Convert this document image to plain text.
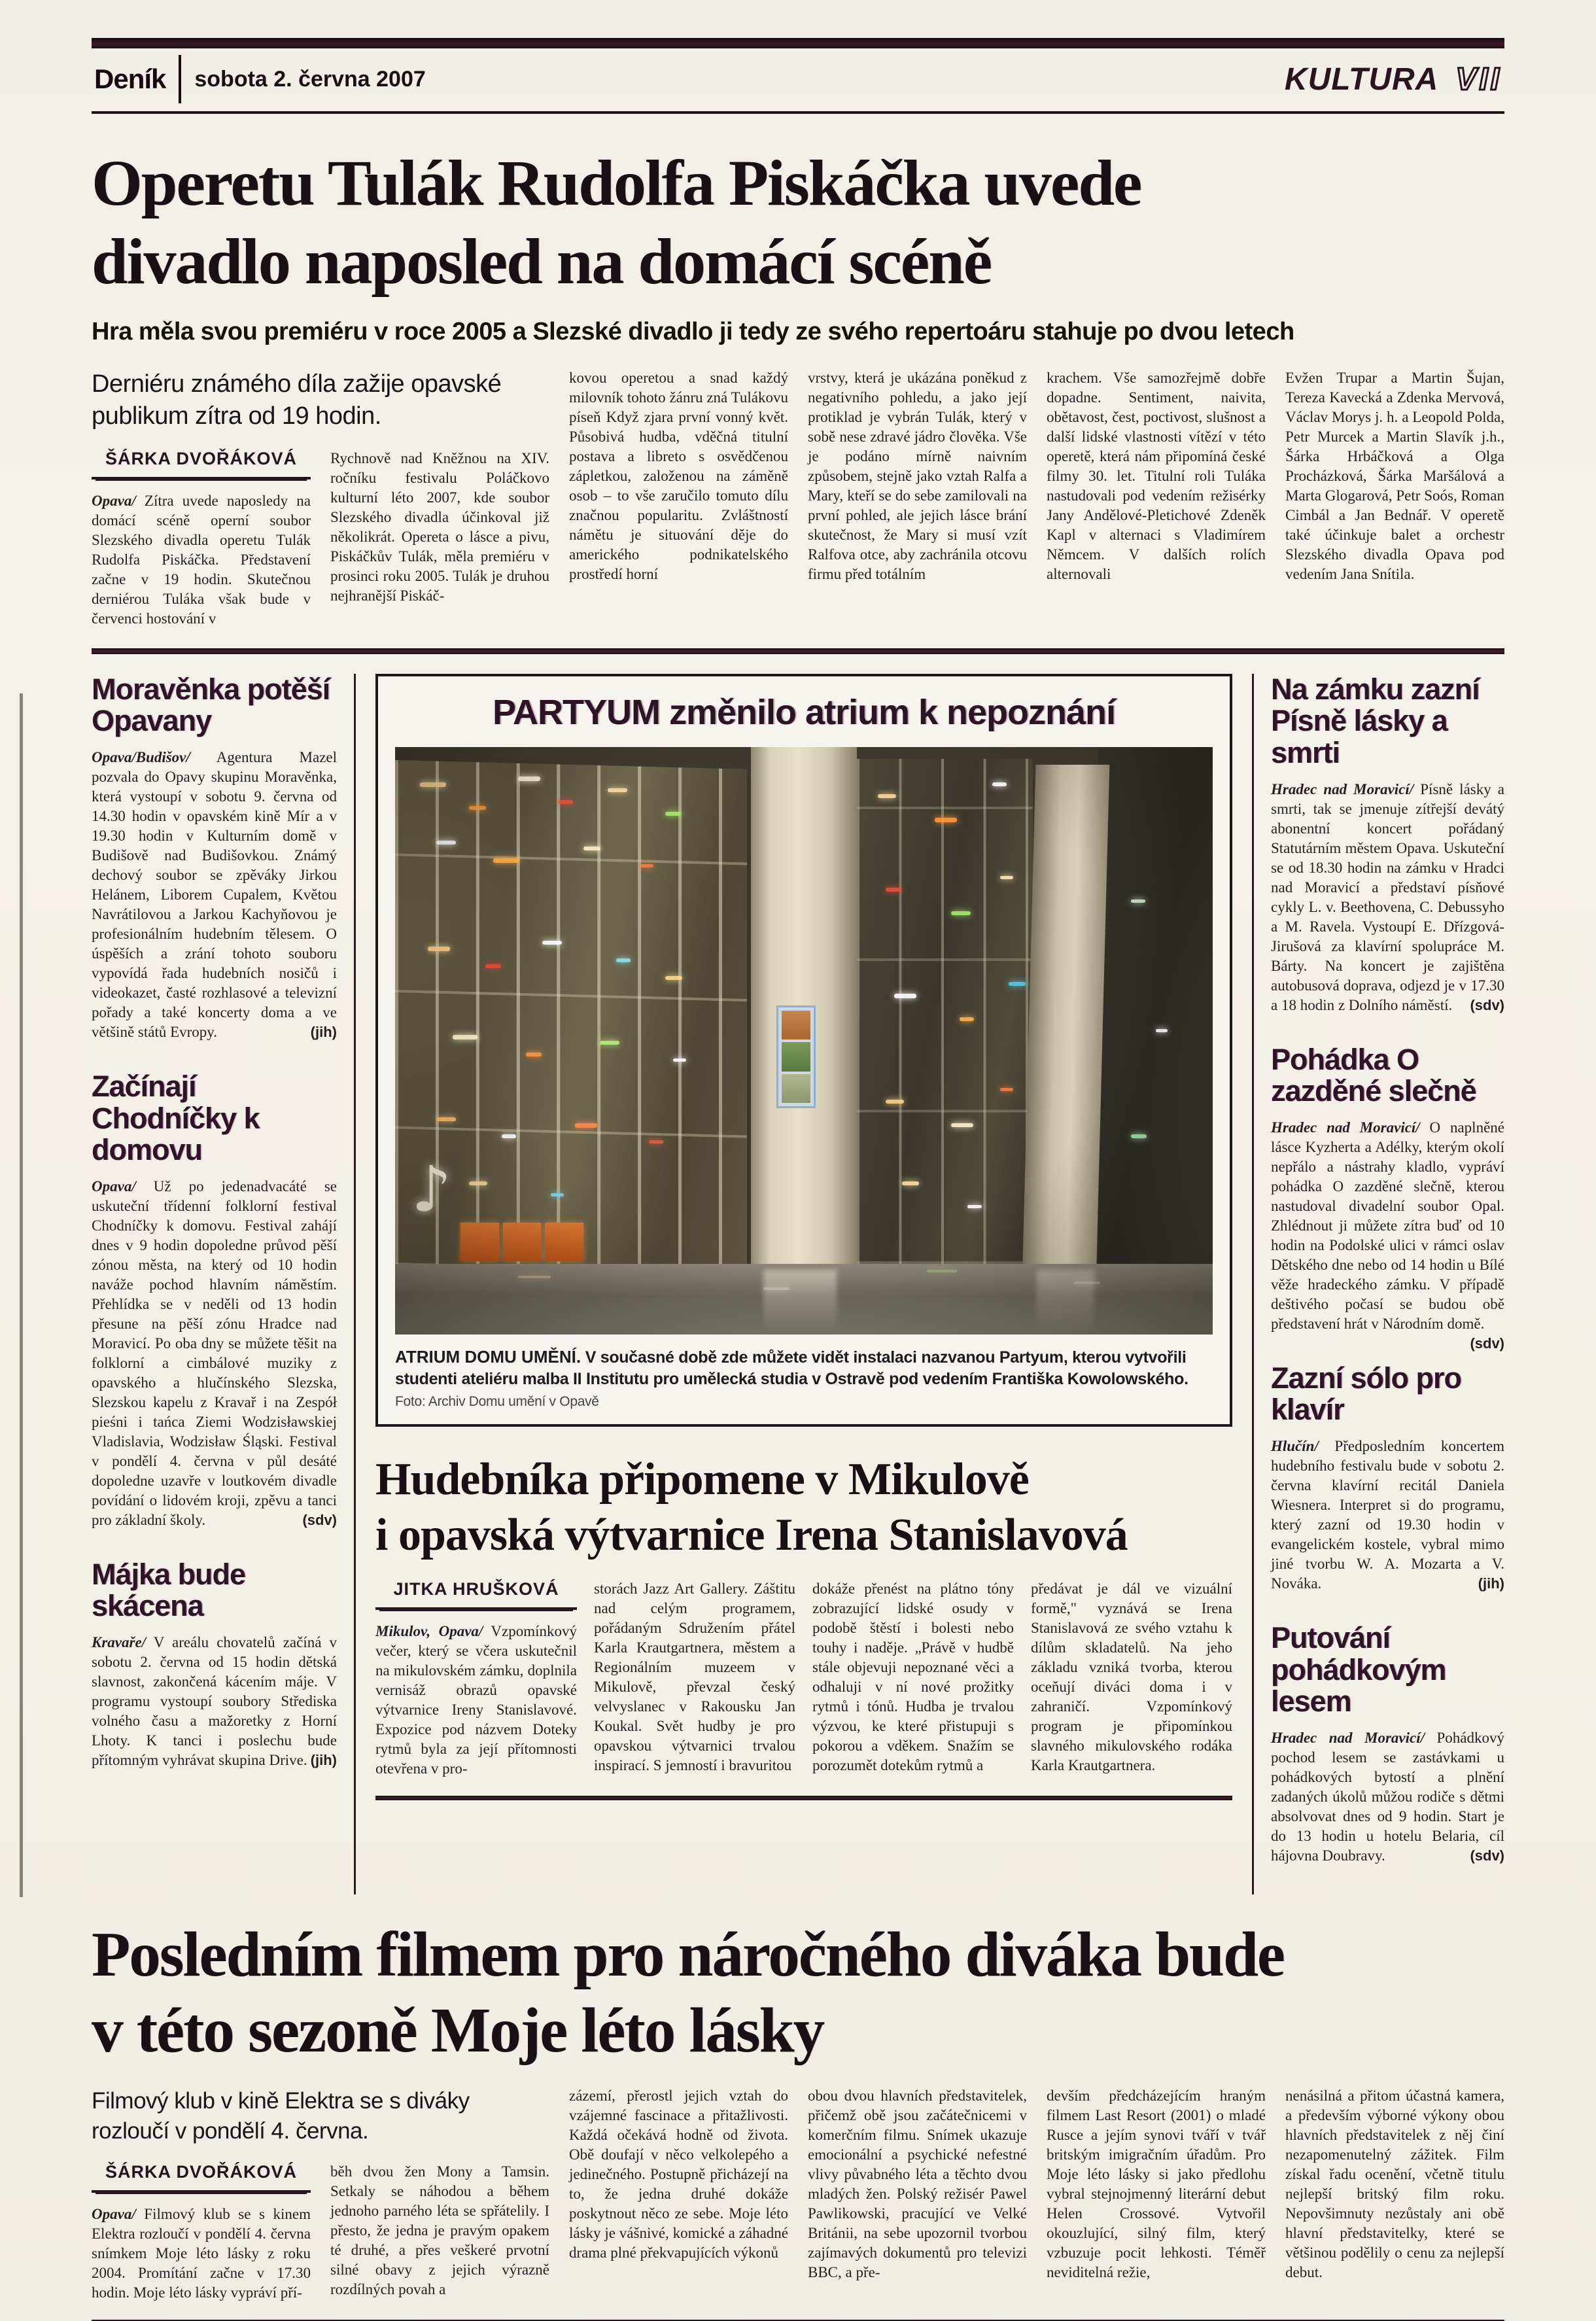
Deník sobota 2. června 2007	KULTURA VII
Operetu Tulák Rudolfa Piskáčka uvede
divadlo naposled na domácí scéně
Hra měla svou premiéru v roce 2005 a Slezské divadlo ji tedy ze svého repertoáru stahuje po dvou letech

Derniéru známého díla zažije opavské publikum zítra od 19 hodin.

ŠÁRKA DVOŘÁKOVÁ

Opava/ Zítra uvede naposledy na domácí scéně operní soubor Slezského divadla operetu Tulák Rudolfa Piskáčka. Představení začne v 19 hodin. Skutečnou derniérou Tuláka však bude v červenci hostování v

Rychnově nad Kněžnou na XIV. ročníku festivalu Poláčkovo kulturní léto 2007, kde soubor Slezského divadla účinkoval již několikrát. Opereta o lásce a pivu, Piskáčkův Tulák, měla premiéru v prosinci roku 2005. Tulák je druhou nejhranější Piskáč-

kovou operetou a snad každý milovník tohoto žánru zná Tulákovu píseň Když zjara první vonný květ. Působivá hudba, vděčná titulní postava a libreto s osvědčenou zápletkou, založenou na záměně osob – to vše zaručilo tomuto dílu značnou popularitu. Zvláštností námětu je situování děje do amerického podnikatelského prostředí horní

vrstvy, která je ukázána poněkud z negativního pohledu, a jako její protiklad je vybrán Tulák, který v sobě nese zdravé jádro člověka. Vše je podáno mírně naivním způsobem, stejně jako vztah Ralfa a Mary, kteří se do sebe zamilovali na první pohled, ale jejich lásce brání skutečnost, že Mary si musí vzít Ralfova otce, aby zachránila otcovu firmu před totálním

krachem. Vše samozřejmě dobře dopadne. Sentiment, naivita, obětavost, čest, poctivost, slušnost a další lidské vlastnosti vítězí v této operetě, která nám připomíná české filmy 30. let. Titulní roli Tuláka nastudovali pod vedením režisérky Jany Andělové-Pletichové Zdeněk Kapl v alternaci s Vladimírem Němcem. V dalších rolích alternovali

Evžen Trupar a Martin Šujan, Tereza Kavecká a Zdenka Mervová, Václav Morys j. h. a Leopold Polda, Petr Murcek a Martin Slavík j.h., Šárka Hrbáčková a Olga Procházková, Šárka Maršálová a Marta Glogarová, Petr Soós, Roman Cimbál a Jan Bednář. V operetě také účinkuje balet a orchestr Slezského divadla Opava pod vedením Jana Snítila.

Moravěnka potěší Opavany

Opava/Budišov/ Agentura Mazel pozvala do Opavy skupinu Moravěnka, která vystoupí v sobotu 9. června od 14.30 hodin v opavském kině Mír a v 19.30 hodin v Kulturním domě v Budišově nad Budišovkou. Známý dechový soubor se zpěváky Jirkou Helánem, Liborem Cupalem, Květou Navrátilovou a Jarkou Kachyňovou je profesionálním hudebním tělesem. O úspěších a zrání tohoto souboru vypovídá řada hudebních nosičů i videokazet, časté rozhlasové a televizní pořady a také koncerty doma a ve většině států Evropy.	(jih)

Začínají Chodníčky k domovu

Opava/ Už po jedenadvacáté se uskuteční třídenní folklorní festival Chodníčky k domovu. Festival zahájí dnes v 9 hodin dopoledne průvod pěší zónou města, na který od 10 hodin naváže pochod hlavním náměstím. Přehlídka se v neděli od 13 hodin přesune na pěší zónu Hradce nad Moravicí. Po oba dny se můžete těšit na folklorní a cimbálové muziky z opavského a hlučínského Slezska, Slezskou kapelu z Kravař i na Zespół pieśni i tańca Ziemi Wodzisławskiej Vladislavia, Wodzisław Śląski. Festival v pondělí 4. června v půl desáté dopoledne uzavře v loutkovém divadle povídání o lidovém kroji, zpěvu a tanci pro základní školy.	(sdv)

Májka bude skácena

Kravaře/ V areálu chovatelů začíná v sobotu 2. června od 15 hodin dětská slavnost, zakončená kácením máje. V programu vystoupí soubory Střediska volného času a mažoretky z Horní Lhoty. K tanci i poslechu bude přítomným vyhrávat skupina Drive. (jih)

PARTYUM změnilo atrium k nepoznání
♪
ATRIUM DOMU UMĚNÍ. V současné době zde můžete vidět instalaci nazvanou Partyum, kterou vytvořili studenti ateliéru malba II Institutu pro umělecká studia v Ostravě pod vedením Františka Kowolowského. Foto: Archiv Domu umění v Opavě
Hudebníka připomene v Mikulově
i opavská výtvarnice Irena Stanislavová
JITKA HRUŠKOVÁ

Mikulov, Opava/ Vzpomínkový večer, který se včera uskutečnil na mikulovském zámku, doplnila vernisáž obrazů opavské výtvarnice Ireny Stanislavové. Expozice pod názvem Doteky rytmů byla za její přítomnosti otevřena v pro-

storách Jazz Art Gallery. Záštitu nad celým programem, pořádaným Sdružením přátel Karla Krautgartnera, městem a Regionálním muzeem v Mikulově, převzal český velvyslanec v Rakousku Jan Koukal. Svět hudby je pro opavskou výtvarnici trvalou inspirací. S jemností i bravuritou

dokáže přenést na plátno tóny zobrazující lidské osudy v podobě štěstí i bolesti nebo touhy i naděje. „Právě v hudbě stále objevuji nepoznané věci a odhaluji v ní nové prožitky rytmů i tónů. Hudba je trvalou výzvou, ke které přistupuji s pokorou a vděkem. Snažím se porozumět dotekům rytmů a

předávat je dál ve vizuální formě," vyznává se Irena Stanislavová ze svého vztahu k dílům skladatelů. Na jeho základu vzniká tvorba, kterou oceňují diváci doma i v zahraničí. Vzpomínkový program je připomínkou slavného mikulovského rodáka Karla Krautgartnera.

Na zámku zazní Písně lásky a smrti

Hradec nad Moravicí/ Písně lásky a smrti, tak se jmenuje zítřejší devátý abonentní koncert pořádaný Statutárním městem Opava. Uskuteční se od 18.30 hodin na zámku v Hradci nad Moravicí a představí písňové cykly L. v. Beethovena, C. Debussyho a M. Ravela. Vystoupí E. Dřízgová-Jirušová za klavírní spolupráce M. Bárty. Na koncert je zajištěna autobusová doprava, odjezd je v 17.30 a 18 hodin z Dolního náměstí. (sdv)

Pohádka O zazděné slečně

Hradec nad Moravicí/ O naplněné lásce Kyzherta a Adélky, kterým okolí nepřálo a nástrahy kladlo, vypráví pohádka O zazděné slečně, kterou nastudoval divadelní soubor Opal. Zhlédnout ji můžete zítra buď od 10 hodin na Podolské ulici v rámci oslav Dětského dne nebo od 14 hodin u Bílé věže hradeckého zámku. V případě deštivého počasí se budou obě představení hrát v Národním domě.
(sdv)

Zazní sólo pro klavír

Hlučín/ Předposledním koncertem hudebního festivalu bude v sobotu 2. června klavírní recitál Daniela Wiesnera. Interpret si do programu, který zazní od 19.30 hodin v evangelickém kostele, vybral mimo jiné tvorbu W. A. Mozarta a V. Nováka.	(jih)

Putování pohádkovým lesem

Hradec nad Moravicí/ Pohádkový pochod lesem se zastávkami u pohádkových bytostí a plnění zadaných úkolů můžou rodiče s dětmi absolvovat dnes od 9 hodin. Start je do 13 hodin u hotelu Belaria, cíl hájovna Doubravy.	(sdv)

Posledním filmem pro náročného diváka bude
v této sezoně Moje léto lásky

Filmový klub v kině Elektra se s diváky rozloučí v pondělí 4. června.

ŠÁRKA DVOŘÁKOVÁ

Opava/ Filmový klub se s kinem Elektra rozloučí v pondělí 4. června snímkem Moje léto lásky z roku 2004. Promítání začne v 17.30 hodin. Moje léto lásky vypráví pří-

běh dvou žen Mony a Tamsin. Setkaly se náhodou a během jednoho parného léta se spřátelily. I přesto, že jedna je pravým opakem té druhé, a přes veškeré prvotní silné obavy z jejich výrazně rozdílných povah a

zázemí, přerostl jejich vztah do vzájemné fascinace a přitažlivosti. Každá očekává hodně od života. Obě doufají v něco velkolepého a jedinečného. Postupně přicházejí na to, že jedna druhé dokáže poskytnout něco ze sebe. Moje léto lásky je vášnivé, komické a záhadné drama plné překvapujících výkonů

obou dvou hlavních představitelek, přičemž obě jsou začátečnicemi v komerčním filmu. Snímek ukazuje emocionální a psychické nefestné vlivy půvabného léta a těchto dvou mladých žen. Polský režisér Pawel Pawlikowski, pracující ve Velké Británii, na sebe upozornil tvorbou zajímavých dokumentů pro televizi BBC, a pře-

devším předcházejícím hraným filmem Last Resort (2001) o mladé Rusce a jejím synovi tváří v tvář britským imigračním úřadům. Pro Moje léto lásky si jako předlohu vybral stejnojmenný literární debut Helen Crossové. Vytvořil okouzlující, silný film, který vzbuzuje pocit lehkosti. Téměř neviditelná režie,

nenásilná a přitom účastná kamera, a především výborné výkony obou hlavních představitelek z něj činí nezapomenutelný zážitek. Film získal řadu ocenění, včetně titulu nejlepší britský film roku. Nepovšimnuty nezůstaly ani obě hlavní představitelky, které se většinou podělily o cenu za nejlepší debut.
